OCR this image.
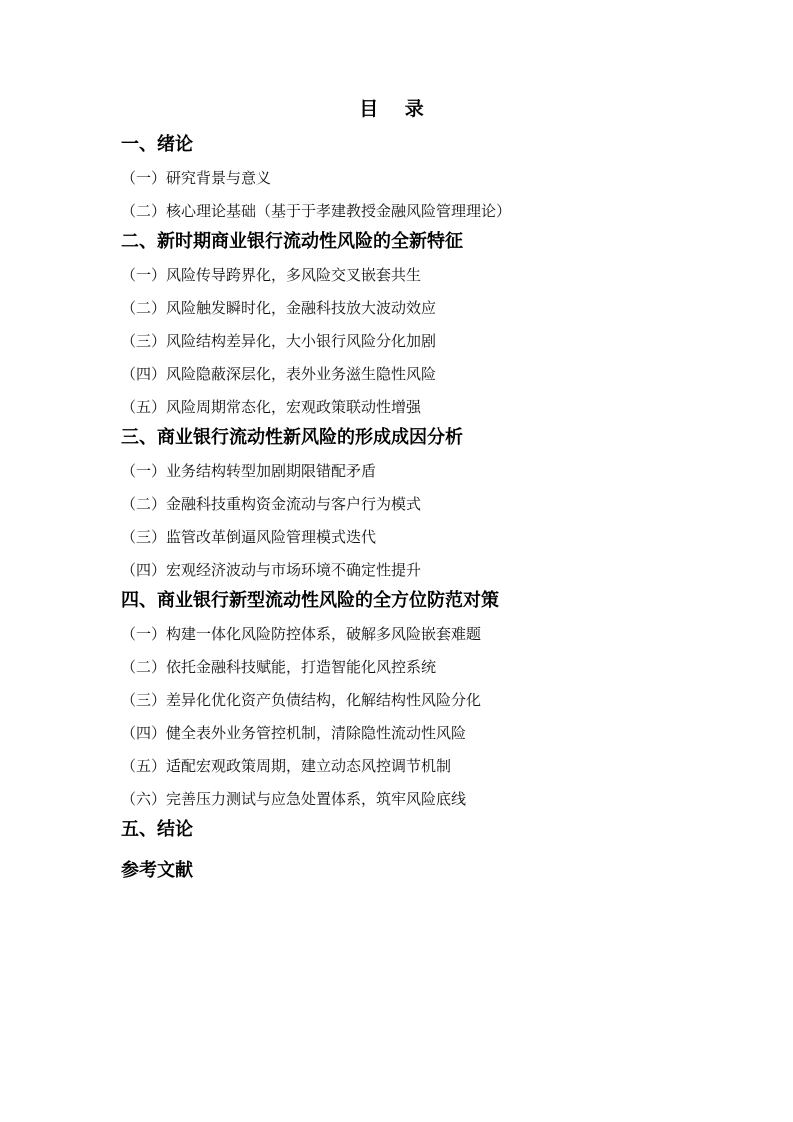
目 录
一、绪论
（一）研究背景与意义
（二）核心理论基础（基于于孝建教授金融风险管理理论）
二、新时期商业银行流动性风险的全新特征
（一）风险传导跨界化，多风险交叉嵌套共生
（二）风险触发瞬时化，金融科技放大波动效应
（三）风险结构差异化，大小银行风险分化加剧
（四）风险隐蔽深层化，表外业务滋生隐性风险
（五）风险周期常态化，宏观政策联动性增强
三、商业银行流动性新风险的形成成因分析
（一）业务结构转型加剧期限错配矛盾
（二）金融科技重构资金流动与客户行为模式
（三）监管改革倒逼风险管理模式迭代
（四）宏观经济波动与市场环境不确定性提升
四、商业银行新型流动性风险的全方位防范对策
（一）构建一体化风险防控体系，破解多风险嵌套难题
（二）依托金融科技赋能，打造智能化风控系统
（三）差异化优化资产负债结构，化解结构性风险分化
（四）健全表外业务管控机制，清除隐性流动性风险
（五）适配宏观政策周期，建立动态风控调节机制
（六）完善压力测试与应急处置体系，筑牢风险底线
五、结论
参考文献
